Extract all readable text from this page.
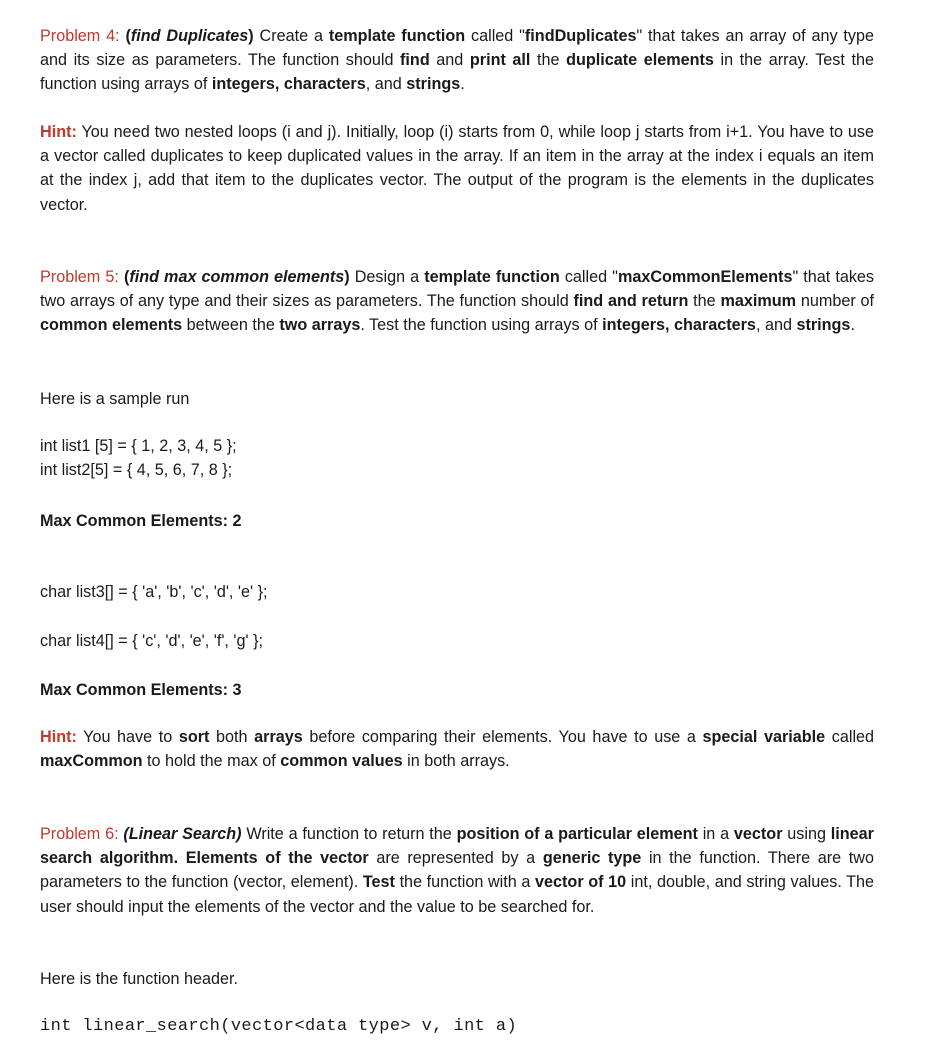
Problem 4: (find Duplicates) Create a template function called "findDuplicates" that takes an array of any type and its size as parameters. The function should find and print all the duplicate elements in the array. Test the function using arrays of integers, characters, and strings.

Hint: You need two nested loops (i and j). Initially, loop (i) starts from 0, while loop j starts from i+1. You have to use a vector called duplicates to keep duplicated values in the array. If an item in the array at the index i equals an item at the index j, add that item to the duplicates vector. The output of the program is the elements in the duplicates vector.

Problem 5: (find max common elements) Design a template function called "maxCommonElements" that takes two arrays of any type and their sizes as parameters. The function should find and return the maximum number of common elements between the two arrays. Test the function using arrays of integers, characters, and strings.

Here is a sample run

int list1 [5] = { 1, 2, 3, 4, 5 };
int list2[5] = { 4, 5, 6, 7, 8 };

Max Common Elements: 2

char list3[] = { 'a', 'b', 'c', 'd', 'e' };

char list4[] = { 'c', 'd', 'e', 'f', 'g' };

Max Common Elements: 3

Hint: You have to sort both arrays before comparing their elements. You have to use a special variable called maxCommon to hold the max of common values in both arrays.

Problem 6: (Linear Search) Write a function to return the position of a particular element in a vector using linear search algorithm. Elements of the vector are represented by a generic type in the function. There are two parameters to the function (vector, element). Test the function with a vector of 10 int, double, and string values. The user should input the elements of the vector and the value to be searched for.

Here is the function header.

int linear_search(vector<data type> v, int a)
